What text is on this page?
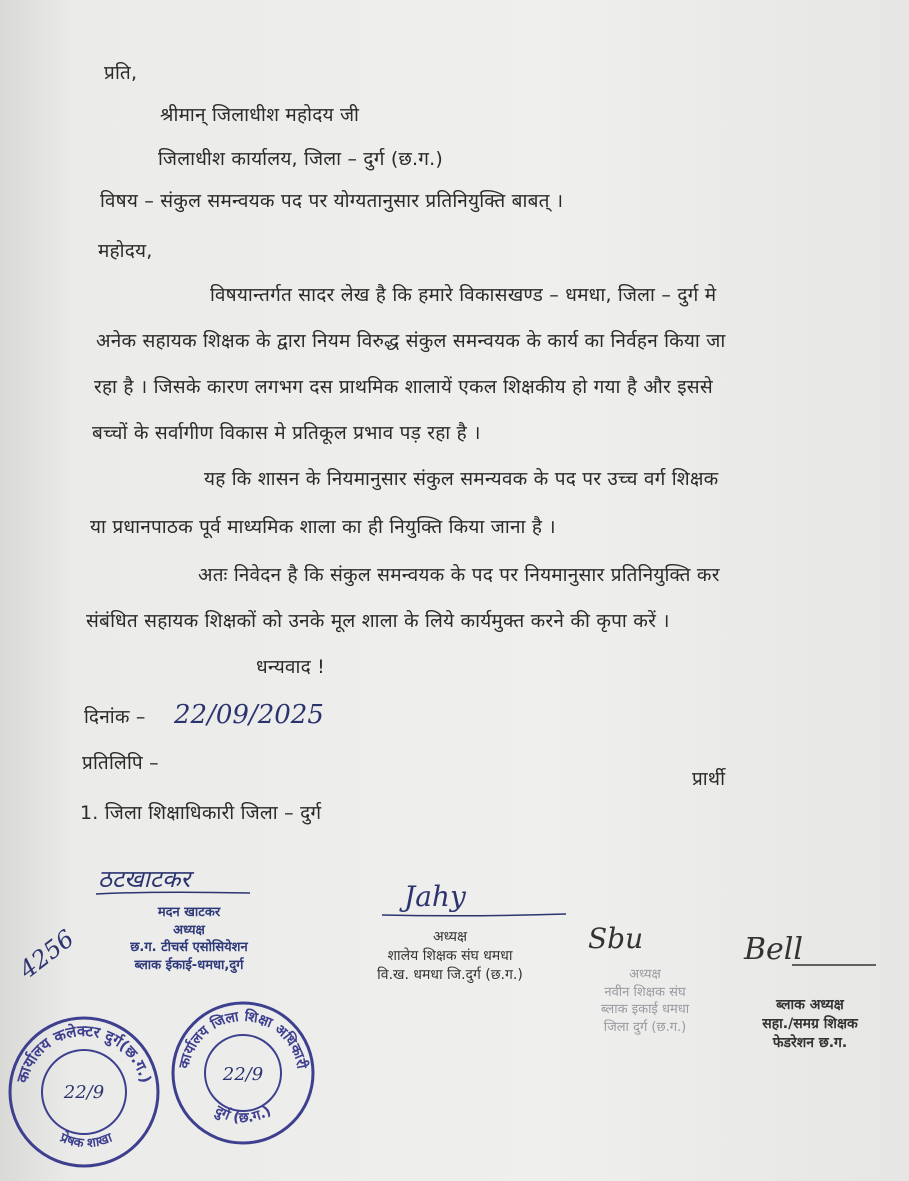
प्रति,
श्रीमान् जिलाधीश महोदय जी
जिलाधीश कार्यालय, जिला – दुर्ग (छ.ग.)
विषय – संकुल समन्वयक पद पर योग्यतानुसार प्रतिनियुक्ति बाबत् ।
महोदय,
विषयान्तर्गत सादर लेख है कि हमारे विकासखण्ड – धमधा, जिला – दुर्ग मे
अनेक सहायक शिक्षक के द्वारा नियम विरुद्ध संकुल समन्वयक के कार्य का निर्वहन किया जा
रहा है । जिसके कारण लगभग दस प्राथमिक शालायें एकल शिक्षकीय हो गया है और इससे
बच्चों के सर्वागीण विकास मे प्रतिकूल प्रभाव पड़ रहा है ।
यह कि शासन के नियमानुसार संकुल समन्यवक के पद पर उच्च वर्ग शिक्षक
या प्रधानपाठक पूर्व माध्यमिक शाला का ही नियुक्ति किया जाना है ।
अतः निवेदन है कि संकुल समन्वयक के पद पर नियमानुसार प्रतिनियुक्ति कर
संबंधित सहायक शिक्षकों को उनके मूल शाला के लिये कार्यमुक्त करने की कृपा करें ।
धन्यवाद !
दिनांक – 22/09/2025
प्रतिलिपि –
प्रार्थी
1. जिला शिक्षाधिकारी जिला – दुर्ग
ठटखाटकर
मदन खाटकर
अध्यक्ष
छ.ग. टीचर्स एसोसियेशन
ब्लाक ईकाई-धमधा,दुर्ग
Jahy
अध्यक्ष
शालेय शिक्षक संघ धमधा
वि.ख. धमधा जि.दुर्ग (छ.ग.)
Sbu
अध्यक्ष
नवीन शिक्षक संघ
ब्लाक इकाई धमधा
जिला दुर्ग (छ.ग.)
Bell
ब्लाक अध्यक्ष
सहा./समग्र शिक्षक
फेडरेशन छ.ग.
4256
कार्यालय कलेक्टर दुर्ग(छ.ग.)
प्रेषक शाखा
22/9
कार्यालय जिला शिक्षा अधिकारी
दुर्ग (छ.ग.)
22/9
